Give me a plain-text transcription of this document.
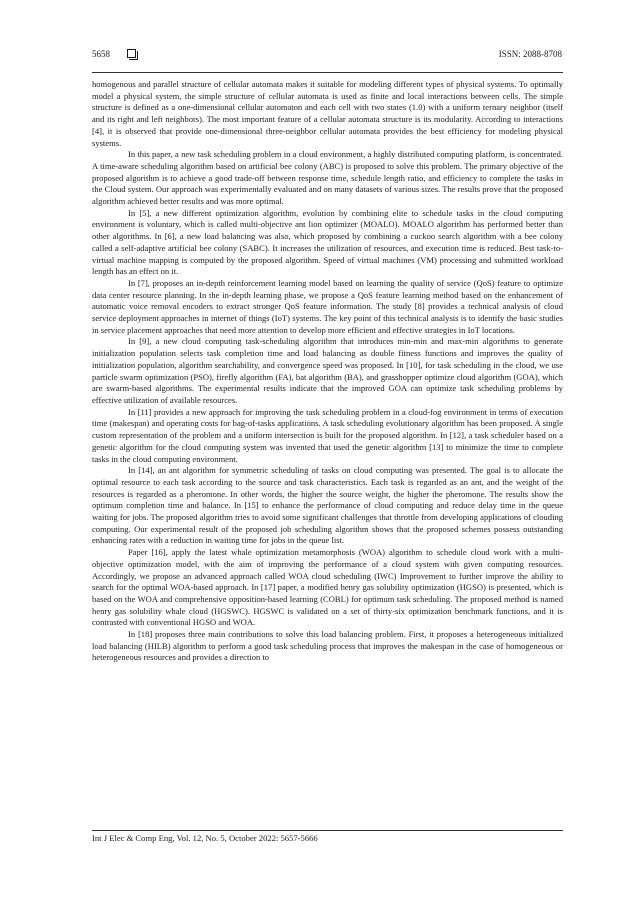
5658	ISSN: 2088-8708

homogenous and parallel structure of cellular automata makes it suitable for modeling different types of physical systems. To optimally model a physical system, the simple structure of cellular automata is used as finite and local interactions between cells. The simple structure is defined as a one-dimensional cellular automaton and each cell with two states (1.0) with a uniform ternary neighbor (itself and its right and left neighbors). The most important feature of a cellular automata structure is its modularity. According to interactions [4], it is observed that provide one-dimensional three-neighbor cellular automata provides the best efficiency for modeling physical systems.

In this paper, a new task scheduling problem in a cloud environment, a highly distributed computing platform, is concentrated. A time-aware scheduling algorithm based on artificial bee colony (ABC) is proposed to solve this problem. The primary objective of the proposed algorithm is to achieve a good trade-off between response time, schedule length ratio, and efficiency to complete the tasks in the Cloud system. Our approach was experimentally evaluated and on many datasets of various sizes. The results prove that the proposed algorithm achieved better results and was more optimal.

In [5], a new different optimization algorithm, evolution by combining elite to schedule tasks in the cloud computing environment is voluntary, which is called multi-objective ant lion optimizer (MOALO). MOALO algorithm has performed better than other algorithms. In [6], a new load balancing was also, which proposed by combining a cuckoo search algorithm with a bee colony called a self-adaptive artificial bee colony (SABC). It increases the utilization of resources, and execution time is reduced. Best task-to-virtual machine mapping is computed by the proposed algorithm. Speed of virtual machines (VM) processing and submitted workload length has an effect on it.

In [7], proposes an in-depth reinforcement learning model based on learning the quality of service (QoS) feature to optimize data center resource planning. In the in-depth learning phase, we propose a QoS feature learning method based on the enhancement of automatic voice removal encoders to extract stronger QoS feature information. The study [8] provides a technical analysis of cloud service deployment approaches in internet of things (IoT) systems. The key point of this technical analysis is to identify the basic studies in service placement approaches that need more attention to develop more efficient and effective strategies in IoT locations.

In [9], a new cloud computing task-scheduling algorithm that introduces min-min and max-min algorithms to generate initialization population selects task completion time and load balancing as double fitness functions and improves the quality of initialization population, algorithm searchability, and convergence speed was proposed. In [10], for task scheduling in the cloud, we use particle swarm optimization (PSO), firefly algorithm (FA), bat algorithm (BA), and grasshopper optimize cloud algorithm (GOA), which are swarm-based algorithms. The experimental results indicate that the improved GOA can optimize task scheduling problems by effective utilization of available resources.

In [11] provides a new approach for improving the task scheduling problem in a cloud-fog environment in terms of execution time (makespan) and operating costs for bag-of-tasks applications. A task scheduling evolutionary algorithm has been proposed. A single custom representation of the problem and a uniform intersection is built for the proposed algorithm. In [12], a task scheduler based on a genetic algorithm for the cloud computing system was invented that used the genetic algorithm [13] to minimize the time to complete tasks in the cloud computing environment.

In [14], an ant algorithm for symmetric scheduling of tasks on cloud computing was presented. The goal is to allocate the optimal resource to each task according to the source and task characteristics. Each task is regarded as an ant, and the weight of the resources is regarded as a pheromone. In other words, the higher the source weight, the higher the pheromone. The results show the optimum completion time and balance. In [15] to enhance the performance of cloud computing and reduce delay time in the queue waiting for jobs. The proposed algorithm tries to avoid some significant challenges that throttle from developing applications of clouding computing. Our experimental result of the proposed job scheduling algorithm shows that the proposed schemes possess outstanding enhancing rates with a reduction in waiting time for jobs in the queue list.

Paper [16], apply the latest whale optimization metamorphosis (WOA) algorithm to schedule cloud work with a multi-objective optimization model, with the aim of improving the performance of a cloud system with given computing resources. Accordingly, we propose an advanced approach called WOA cloud scheduling (IWC) Improvement to further improve the ability to search for the optimal WOA-based approach. In [17] paper, a modified henry gas solubility optimization (HGSO) is presented, which is based on the WOA and comprehensive opposition-based learning (COBL) for optimum task scheduling. The proposed method is named henry gas solubility whale cloud (HGSWC). HGSWC is validated on a set of thirty-six optimization benchmark functions, and it is contrasted with conventional HGSO and WOA.

In [18] proposes three main contributions to solve this load balancing problem. First, it proposes a heterogeneous initialized load balancing (HILB) algorithm to perform a good task scheduling process that improves the makespan in the case of homogeneous or heterogeneous resources and provides a direction to

Int J Elec & Comp Eng, Vol. 12, No. 5, October 2022: 5657-5666
